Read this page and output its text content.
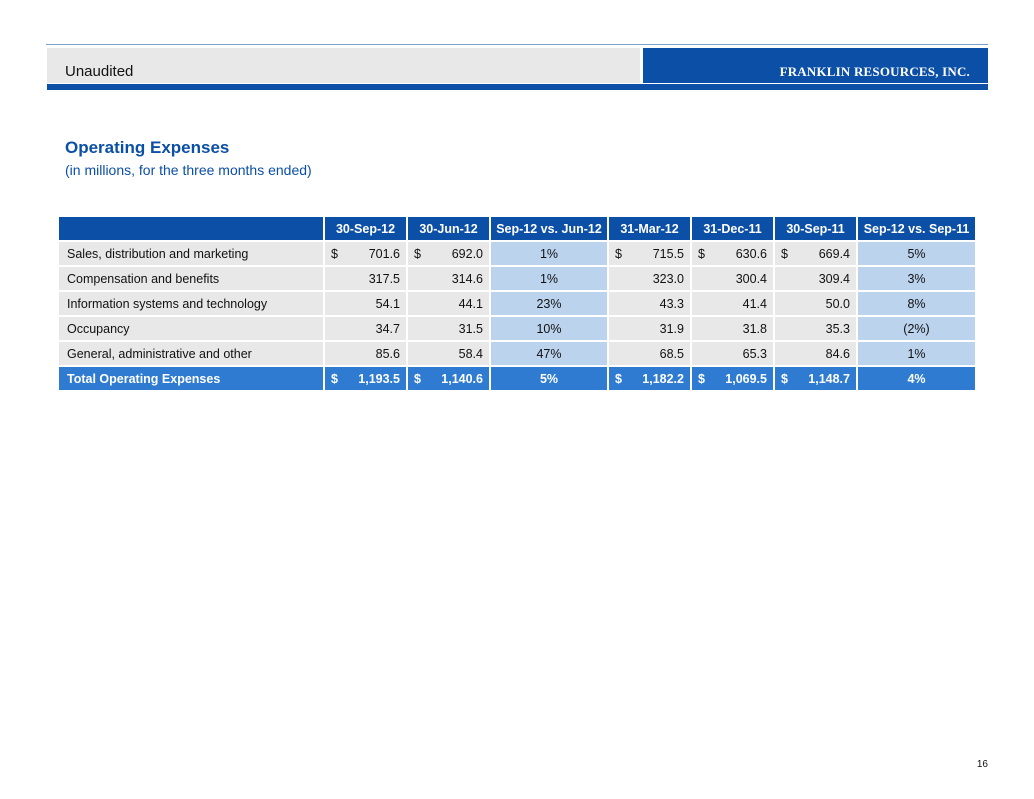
Unaudited	FRANKLIN RESOURCES, INC.
Operating Expenses
(in millions, for the three months ended)
	30-Sep-12	30-Jun-12	Sep-12 vs. Jun-12	31-Mar-12	31-Dec-11	30-Sep-11	Sep-12 vs. Sep-11
Sales, distribution and marketing	$ 701.6	$ 692.0	1%	$ 715.5	$ 630.6	$ 669.4	5%
Compensation and benefits	317.5	314.6	1%	323.0	300.4	309.4	3%
Information systems and technology	54.1	44.1	23%	43.3	41.4	50.0	8%
Occupancy	34.7	31.5	10%	31.9	31.8	35.3	(2%)
General, administrative and other	85.6	58.4	47%	68.5	65.3	84.6	1%
Total Operating Expenses	$ 1,193.5	$ 1,140.6	5%	$ 1,182.2	$ 1,069.5	$ 1,148.7	4%
16
